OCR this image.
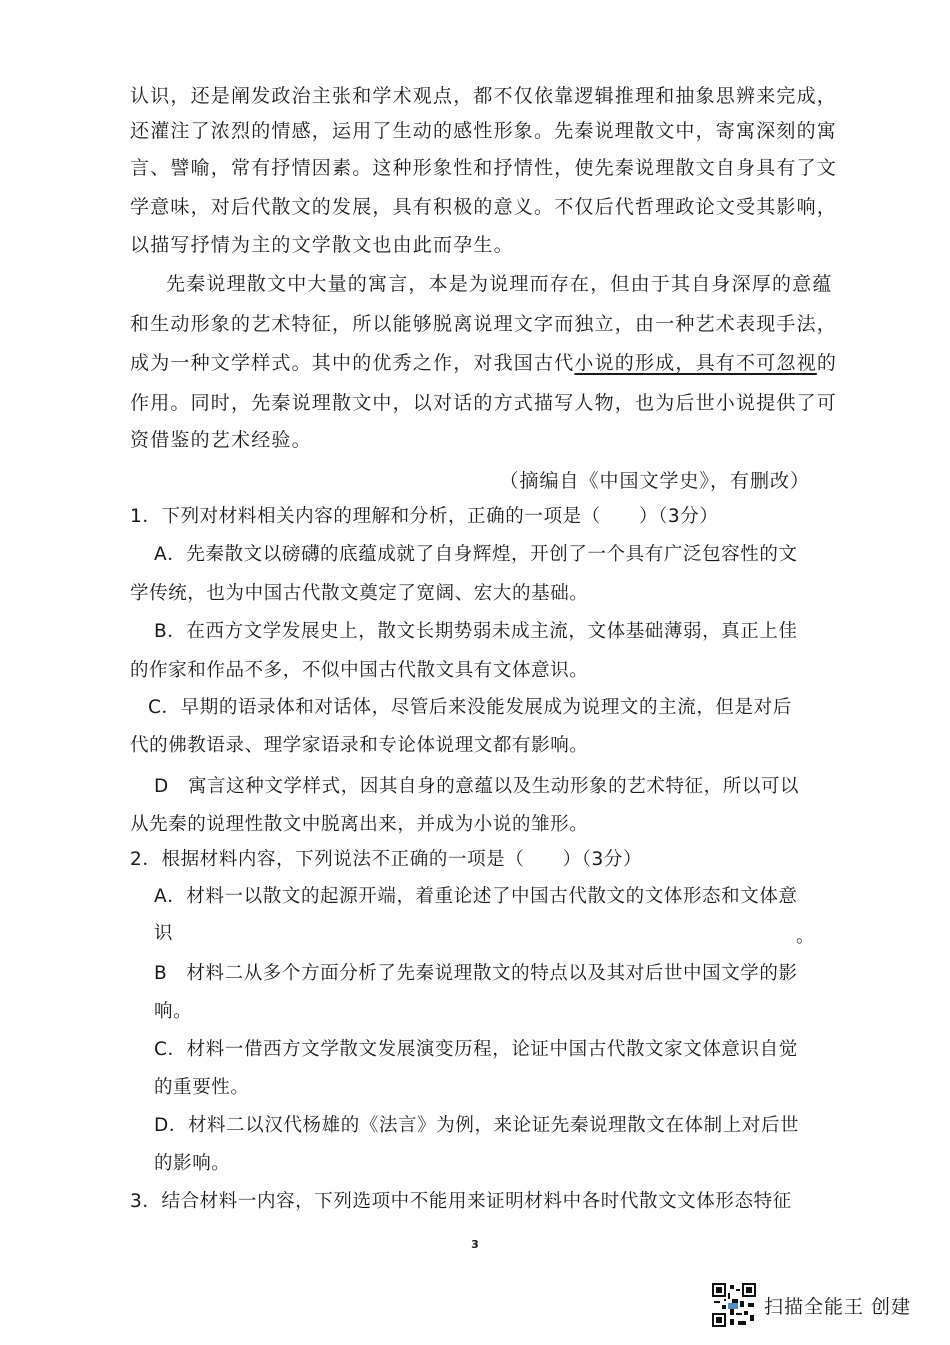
认识，还是阐发政治主张和学术观点，都不仅依靠逻辑推理和抽象思辨来完成，
还灌注了浓烈的情感，运用了生动的感性形象。先秦说理散文中，寄寓深刻的寓
言、譬喻，常有抒情因素。这种形象性和抒情性，使先秦说理散文自身具有了文
学意味，对后代散文的发展，具有积极的意义。不仅后代哲理政论文受其影响，
以描写抒情为主的文学散文也由此而孕生。
先秦说理散文中大量的寓言，本是为说理而存在，但由于其自身深厚的意蕴
和生动形象的艺术特征，所以能够脱离说理文字而独立，由一种艺术表现手法，
成为一种文学样式。其中的优秀之作，对我国古代小说的形成，具有不可忽视的
作用。同时，先秦说理散文中，以对话的方式描写人物，也为后世小说提供了可
资借鉴的艺术经验。
（摘编自《中国文学史》，有删改）
1．下列对材料相关内容的理解和分析，正确的一项是（　　）（3分）
A．先秦散文以磅礴的底蕴成就了自身辉煌，开创了一个具有广泛包容性的文
学传统，也为中国古代散文奠定了宽阔、宏大的基础。
B．在西方文学发展史上，散文长期势弱未成主流，文体基础薄弱，真正上佳
的作家和作品不多，不似中国古代散文具有文体意识。
C．早期的语录体和对话体，尽管后来没能发展成为说理文的主流，但是对后
代的佛教语录、理学家语录和专论体说理文都有影响。
D　寓言这种文学样式，因其自身的意蕴以及生动形象的艺术特征，所以可以
从先秦的说理性散文中脱离出来，并成为小说的雏形。
2．根据材料内容，下列说法不正确的一项是（　　）（3分）
A．材料一以散文的起源开端，着重论述了中国古代散文的文体形态和文体意
识	。
B　材料二从多个方面分析了先秦说理散文的特点以及其对后世中国文学的影
响。
C．材料一借西方文学散文发展演变历程，论证中国古代散文家文体意识自觉
的重要性。
D．材料二以汉代杨雄的《法言》为例，来论证先秦说理散文在体制上对后世
的影响。
3．结合材料一内容，下列选项中不能用来证明材料中各时代散文文体形态特征
3
扫描全能王 创建
